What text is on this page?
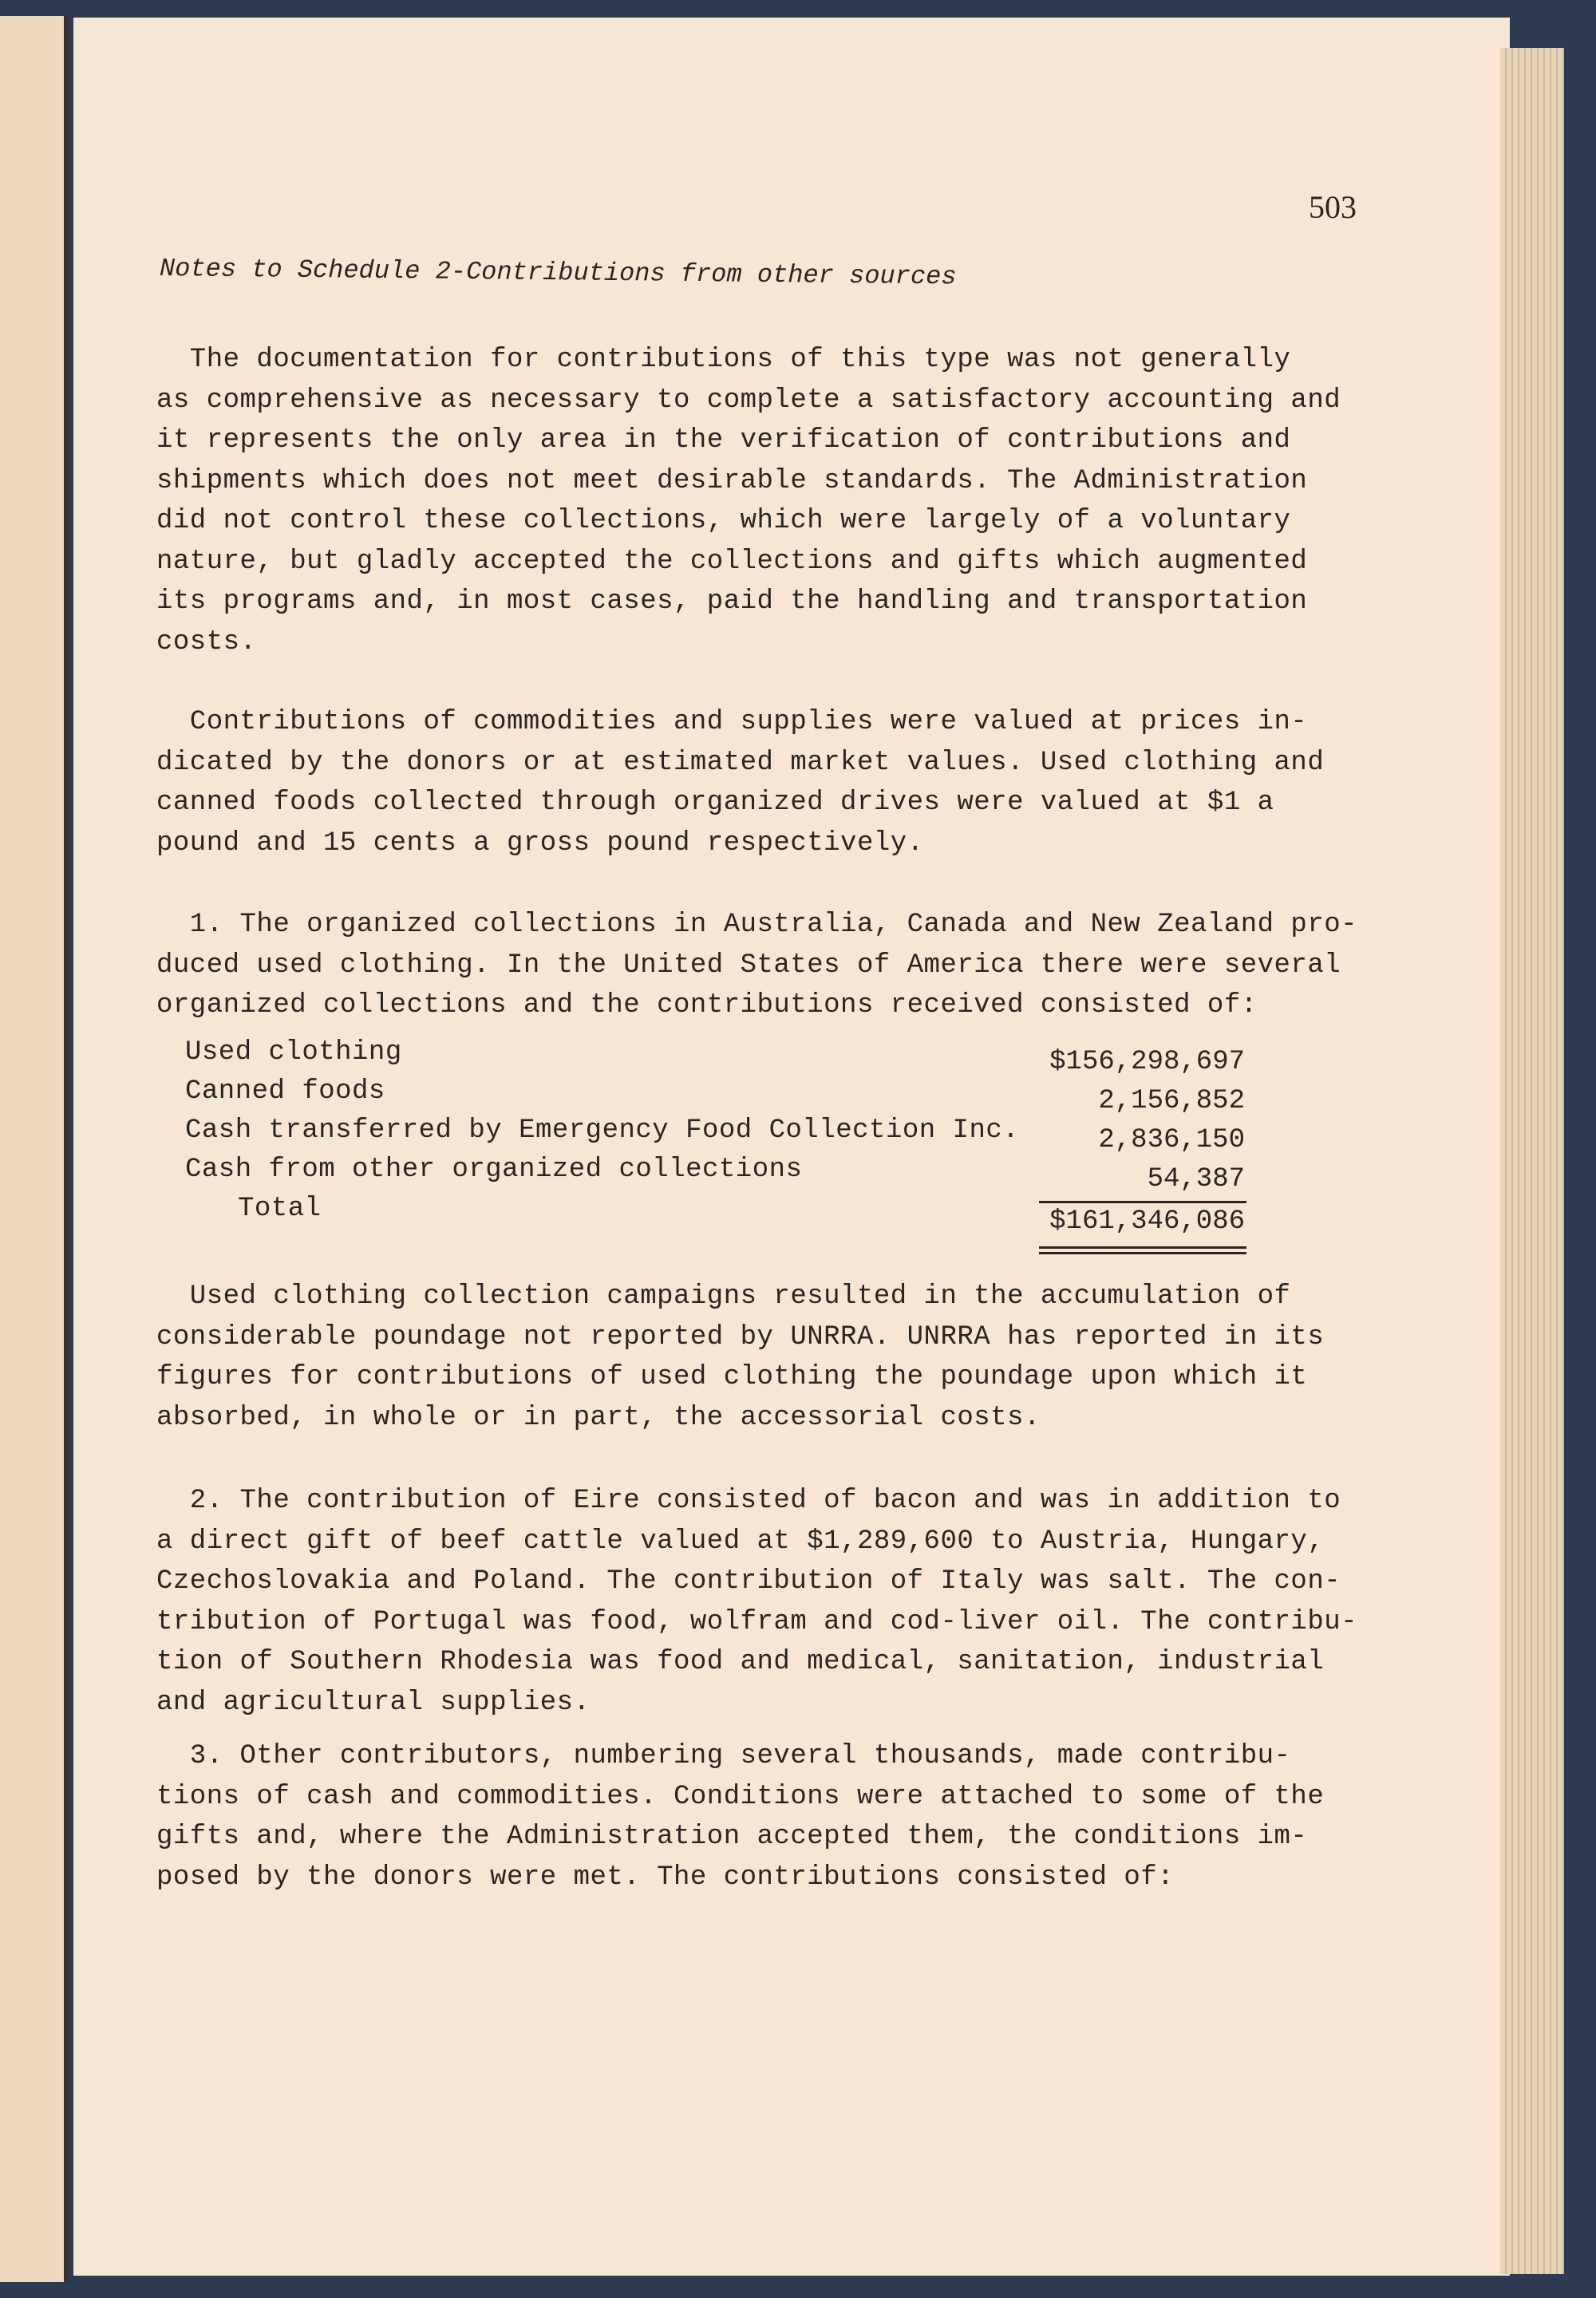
503
Notes to Schedule 2-Contributions from other sources
The documentation for contributions of this type was not generally
as comprehensive as necessary to complete a satisfactory accounting and
it represents the only area in the verification of contributions and
shipments which does not meet desirable standards. The Administration
did not control these collections, which were largely of a voluntary
nature, but gladly accepted the collections and gifts which augmented
its programs and, in most cases, paid the handling and transportation
costs.
Contributions of commodities and supplies were valued at prices in-
dicated by the donors or at estimated market values. Used clothing and
canned foods collected through organized drives were valued at $1 a
pound and 15 cents a gross pound respectively.
1. The organized collections in Australia, Canada and New Zealand pro-
duced used clothing. In the United States of America there were several
organized collections and the contributions received consisted of:
Used clothing collection campaigns resulted in the accumulation of
considerable poundage not reported by UNRRA. UNRRA has reported in its
figures for contributions of used clothing the poundage upon which it
absorbed, in whole or in part, the accessorial costs.
2. The contribution of Eire consisted of bacon and was in addition to
a direct gift of beef cattle valued at $1,289,600 to Austria, Hungary,
Czechoslovakia and Poland. The contribution of Italy was salt. The con-
tribution of Portugal was food, wolfram and cod-liver oil. The contribu-
tion of Southern Rhodesia was food and medical, sanitation, industrial
and agricultural supplies.
3. Other contributors, numbering several thousands, made contribu-
tions of cash and commodities. Conditions were attached to some of the
gifts and, where the Administration accepted them, the conditions im-
posed by the donors were met. The contributions consisted of:
Used clothing	$156,298,697
Canned foods	2,156,852
Cash transferred by Emergency Food Collection Inc.	2,836,150
Cash from other organized collections	54,387
Total	$161,346,086
